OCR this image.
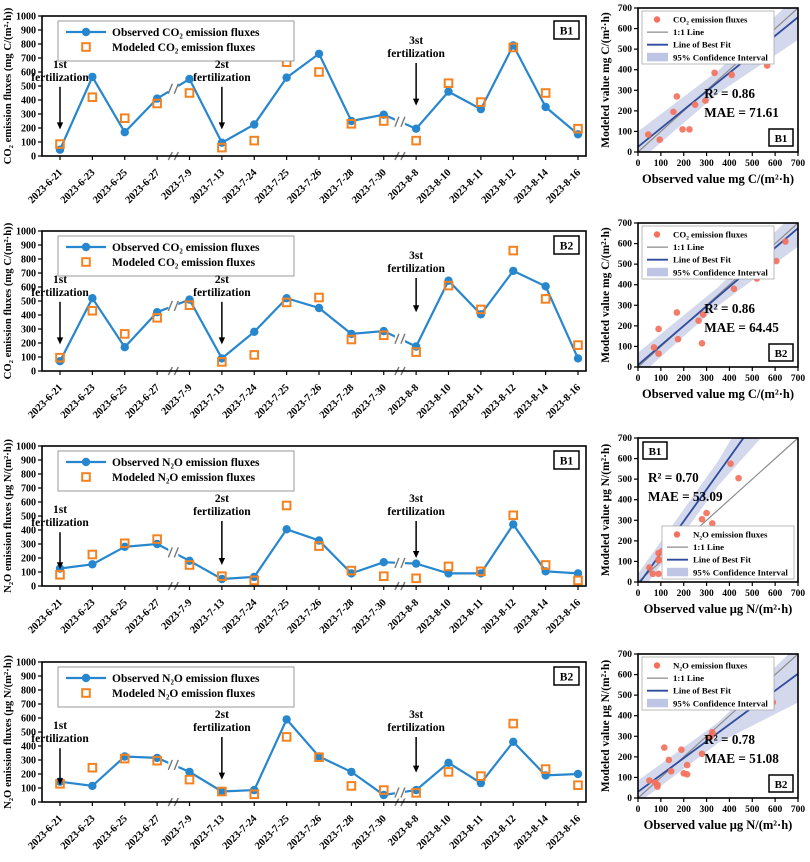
0
100
200
300
400
500
600
700
800
900
1000
CO₂ emission fluxes (mg C/(m²·h))
2023-6-21
2023-6-23
2023-6-25
2023-6-27
2023-7-9
2023-7-13
2023-7-24
2023-7-25
2023-7-26
2023-7-28
2023-7-30
2023-8-8
2023-8-10
2023-8-11
2023-8-12
2023-8-14
2023-8-16
Observed CO₂ emission fluxes
Modeled CO₂ emission fluxes
1st
fertilization
2st
fertilization
3st
fertilization
B1
0
0
100
100
200
200
300
300
400
400
500
500
600
600
700
700
Observed value mg C/(m²·h)
Modeled value mg C/(m²·h)	CO₂ emission fluxes
1:1 Line
Line of Best Fit
95% Confidence Interval
R² = 0.86
MAE = 71.61
B1
0
100
200
300
400
500
600
700
800
900
1000
CO₂ emission fluxes (mg C/(m²·h))
2023-6-21
2023-6-23
2023-6-25
2023-6-27
2023-7-9
2023-7-13
2023-7-24
2023-7-25
2023-7-26
2023-7-28
2023-7-30
2023-8-8
2023-8-10
2023-8-11
2023-8-12
2023-8-14
2023-8-16
Observed CO₂ emission fluxes
Modeled CO₂ emission fluxes
1st
fertilization
2st
fertilization
3st
fertilization
B2
0
0
100
100
200
200
300
300
400
400
500
500
600
600
700
700
Observed value mg C/(m²·h)
Modeled value mg C/(m²·h)	CO₂ emission fluxes
1:1 Line
Line of Best Fit
95% Confidence Interval
R² = 0.86
MAE = 64.45
B2
0
100
200
300
400
500
600
700
800
900
1000
N₂O emission fluxes (μg N/(m²·h))
2023-6-21
2023-6-23
2023-6-25
2023-6-27
2023-7-9
2023-7-13
2023-7-24
2023-7-25
2023-7-26
2023-7-28
2023-7-30
2023-8-8
2023-8-10
2023-8-11
2023-8-12
2023-8-14
2023-8-16
Observed N₂O emission fluxes
Modeled N₂O emission fluxes
1st
fertilization
2st
fertilization
3st
fertilization
B1
0
0
100
100
200
200
300
300
400
400
500
500
600
600
700
700
Observed value μg N/(m²·h)
Modeled value μg N/(m²·h)	N₂O emission fluxes
1:1 Line
Line of Best Fit
95% Confidence Interval
R² = 0.70
MAE = 53.09
B1
0
100
200
300
400
500
600
700
800
900
1000
N₂O emission fluxes (μg N/(m²·h))
2023-6-21
2023-6-23
2023-6-25
2023-6-27
2023-7-9
2023-7-13
2023-7-24
2023-7-25
2023-7-26
2023-7-28
2023-7-30
2023-8-8
2023-8-10
2023-8-11
2023-8-12
2023-8-14
2023-8-16
Observed N₂O emission fluxes
Modeled N₂O emission fluxes
1st
fertilization
2st
fertilization
3st
fertilization
B2
0
0
100
100
200
200
300
300
400
400
500
500
600
600
700
700
Observed value μg N/(m²·h)
Modeled value μg N/(m²·h)	N₂O emission fluxes
1:1 Line
Line of Best Fit
95% Confidence Interval
R² = 0.78
MAE = 51.08
B2
